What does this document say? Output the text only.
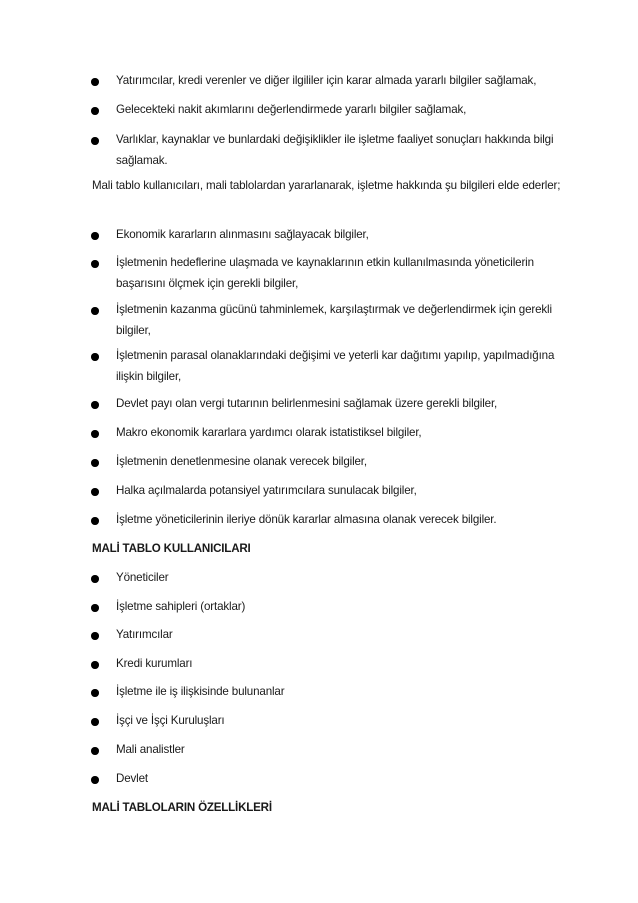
Yatırımcılar, kredi verenler ve diğer ilgililer için karar almada yararlı bilgiler sağlamak,
Gelecekteki nakit akımlarını değerlendirmede yararlı bilgiler sağlamak,
Varlıklar, kaynaklar ve bunlardaki değişiklikler ile işletme faaliyet sonuçları hakkında bilgi sağlamak.
Mali tablo kullanıcıları, mali tablolardan yararlanarak, işletme hakkında şu bilgileri elde ederler;
Ekonomik kararların alınmasını sağlayacak bilgiler,
İşletmenin hedeflerine ulaşmada ve kaynaklarının etkin kullanılmasında yöneticilerin başarısını ölçmek için gerekli bilgiler,
İşletmenin kazanma gücünü tahminlemek, karşılaştırmak ve değerlendirmek için gerekli bilgiler,
İşletmenin parasal olanaklarındaki değişimi ve yeterli kar dağıtımı yapılıp, yapılmadığına ilişkin bilgiler,
Devlet payı olan vergi tutarının belirlenmesini sağlamak üzere gerekli bilgiler,
Makro ekonomik kararlara yardımcı olarak istatistiksel bilgiler,
İşletmenin denetlenmesine olanak verecek bilgiler,
Halka açılmalarda potansiyel yatırımcılara sunulacak bilgiler,
İşletme yöneticilerinin ileriye dönük kararlar almasına olanak verecek bilgiler.
MALİ TABLO KULLANICILARI
Yöneticiler
İşletme sahipleri (ortaklar)
Yatırımcılar
Kredi kurumları
İşletme ile iş ilişkisinde bulunanlar
İşçi ve İşçi Kuruluşları
Mali analistler
Devlet
MALİ TABLOLARIN ÖZELLİKLERİ
